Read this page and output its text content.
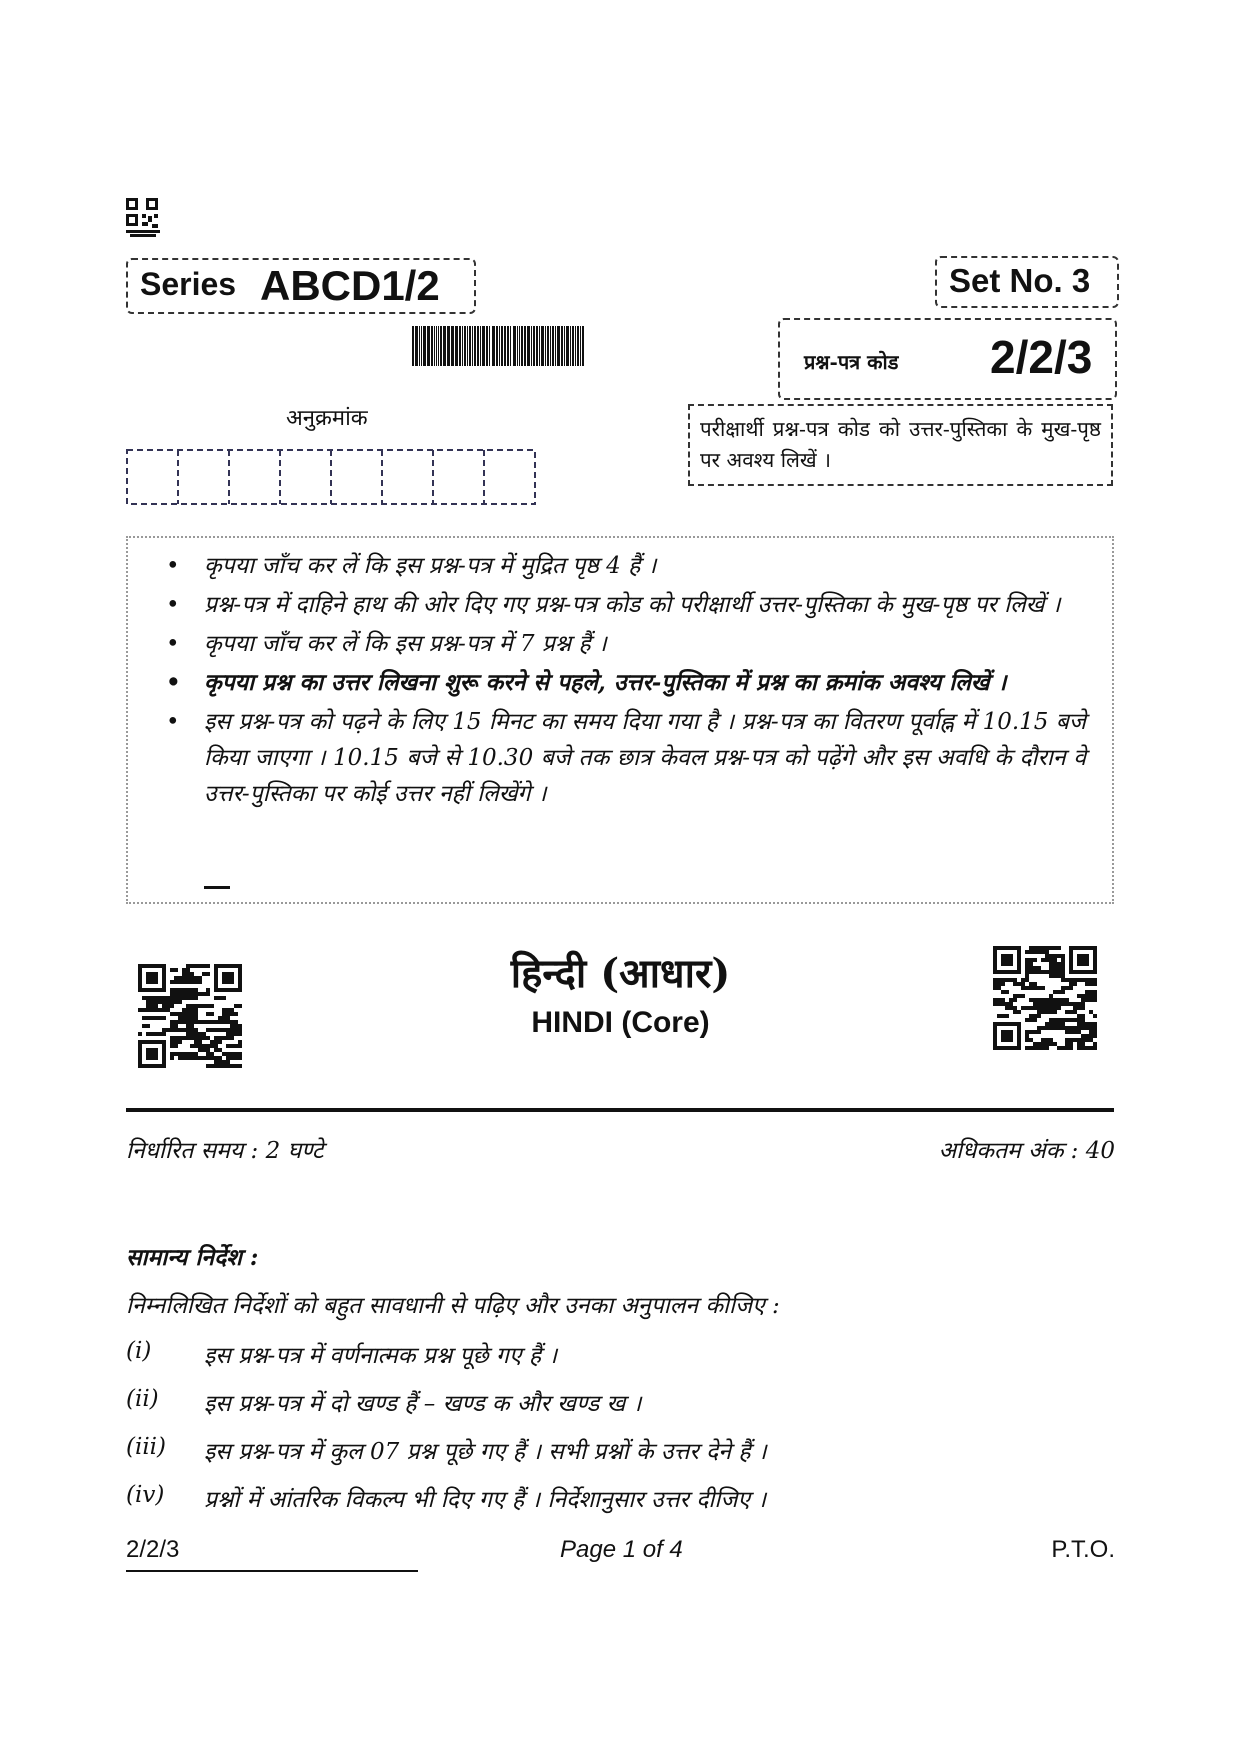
Series ABCD1/2	Set No. 3
प्रश्न-पत्र कोड 2/2/3
अनुक्रमांक	परीक्षार्थी प्रश्न-पत्र कोड को उत्तर-पुस्तिका के मुख-पृष्ठ पर अवश्य लिखें ।
• कृपया जाँच कर लें कि इस प्रश्न-पत्र में मुद्रित पृष्ठ 4 हैं ।
• प्रश्न-पत्र में दाहिने हाथ की ओर दिए गए प्रश्न-पत्र कोड को परीक्षार्थी उत्तर-पुस्तिका के मुख-पृष्ठ पर लिखें ।
• कृपया जाँच कर लें कि इस प्रश्न-पत्र में 7 प्रश्न हैं ।
• कृपया प्रश्न का उत्तर लिखना शुरू करने से पहले, उत्तर-पुस्तिका में प्रश्न का क्रमांक अवश्य लिखें ।
• इस प्रश्न-पत्र को पढ़ने के लिए 15 मिनट का समय दिया गया है । प्रश्न-पत्र का वितरण पूर्वाह्न में 10.15 बजे किया जाएगा । 10.15 बजे से 10.30 बजे तक छात्र केवल प्रश्न-पत्र को पढ़ेंगे और इस अवधि के दौरान वे उत्तर-पुस्तिका पर कोई उत्तर नहीं लिखेंगे ।
हिन्दी (आधार)
HINDI (Core)
निर्धारित समय : 2 घण्टे	अधिकतम अंक : 40
सामान्य निर्देश :
निम्नलिखित निर्देशों को बहुत सावधानी से पढ़िए और उनका अनुपालन कीजिए :
(i)	इस प्रश्न-पत्र में वर्णनात्मक प्रश्न पूछे गए हैं ।
(ii)	इस प्रश्न-पत्र में दो खण्ड हैं – खण्ड क और खण्ड ख ।
(iii)	इस प्रश्न-पत्र में कुल 07 प्रश्न पूछे गए हैं । सभी प्रश्नों के उत्तर देने हैं ।
(iv)	प्रश्नों में आंतरिक विकल्प भी दिए गए हैं । निर्देशानुसार उत्तर दीजिए ।
2/2/3	Page 1 of 4	P.T.O.
